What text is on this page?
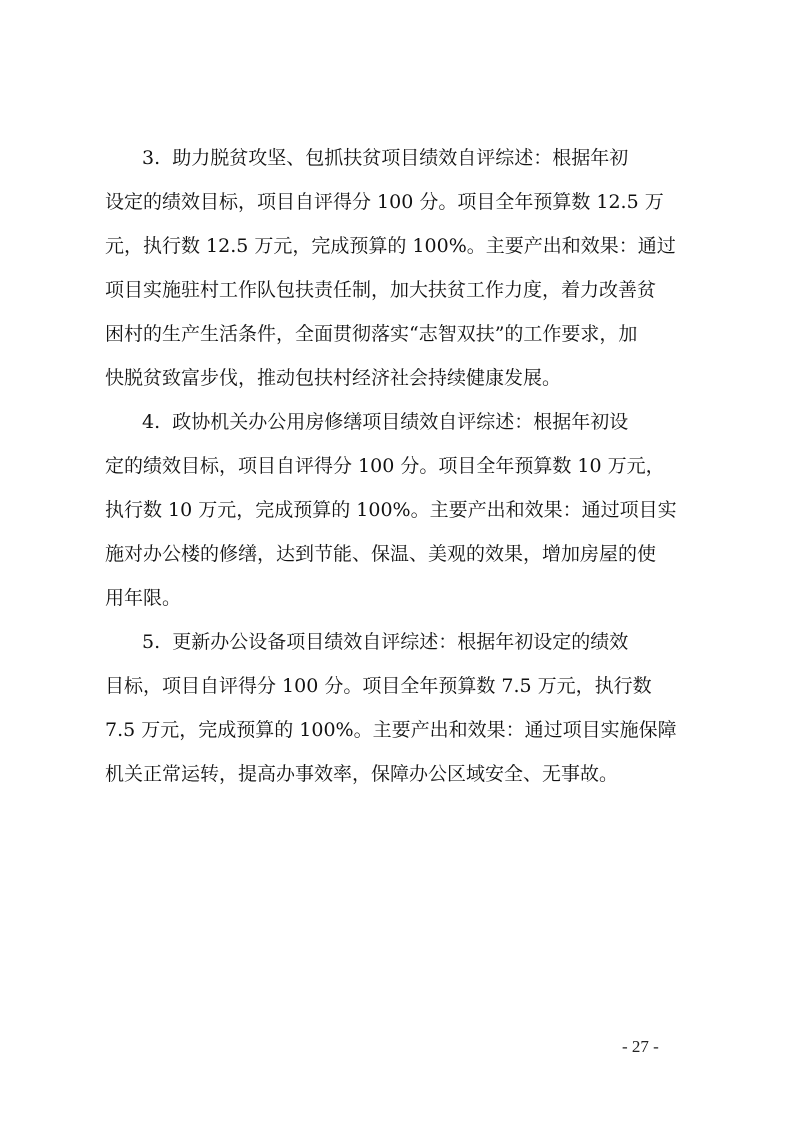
3.  助力脱贫攻坚、包抓扶贫项目绩效自评综述：根据年初
设定的绩效目标，项目自评得分 100 分。项目全年预算数 12.5 万
元，执行数 12.5 万元，完成预算的 100%。主要产出和效果：通过
项目实施驻村工作队包扶责任制，加大扶贫工作力度，着力改善贫
困村的生产生活条件，全面贯彻落实“志智双扶”的工作要求，加
快脱贫致富步伐，推动包扶村经济社会持续健康发展。
4.  政协机关办公用房修缮项目绩效自评综述：根据年初设
定的绩效目标，项目自评得分 100 分。项目全年预算数 10 万元，
执行数 10 万元，完成预算的 100%。主要产出和效果：通过项目实
施对办公楼的修缮，达到节能、保温、美观的效果，增加房屋的使
用年限。
5.  更新办公设备项目绩效自评综述：根据年初设定的绩效
目标，项目自评得分 100 分。项目全年预算数 7.5 万元，执行数
7.5 万元，完成预算的 100%。主要产出和效果：通过项目实施保障
机关正常运转，提高办事效率，保障办公区域安全、无事故。
- 27 -
